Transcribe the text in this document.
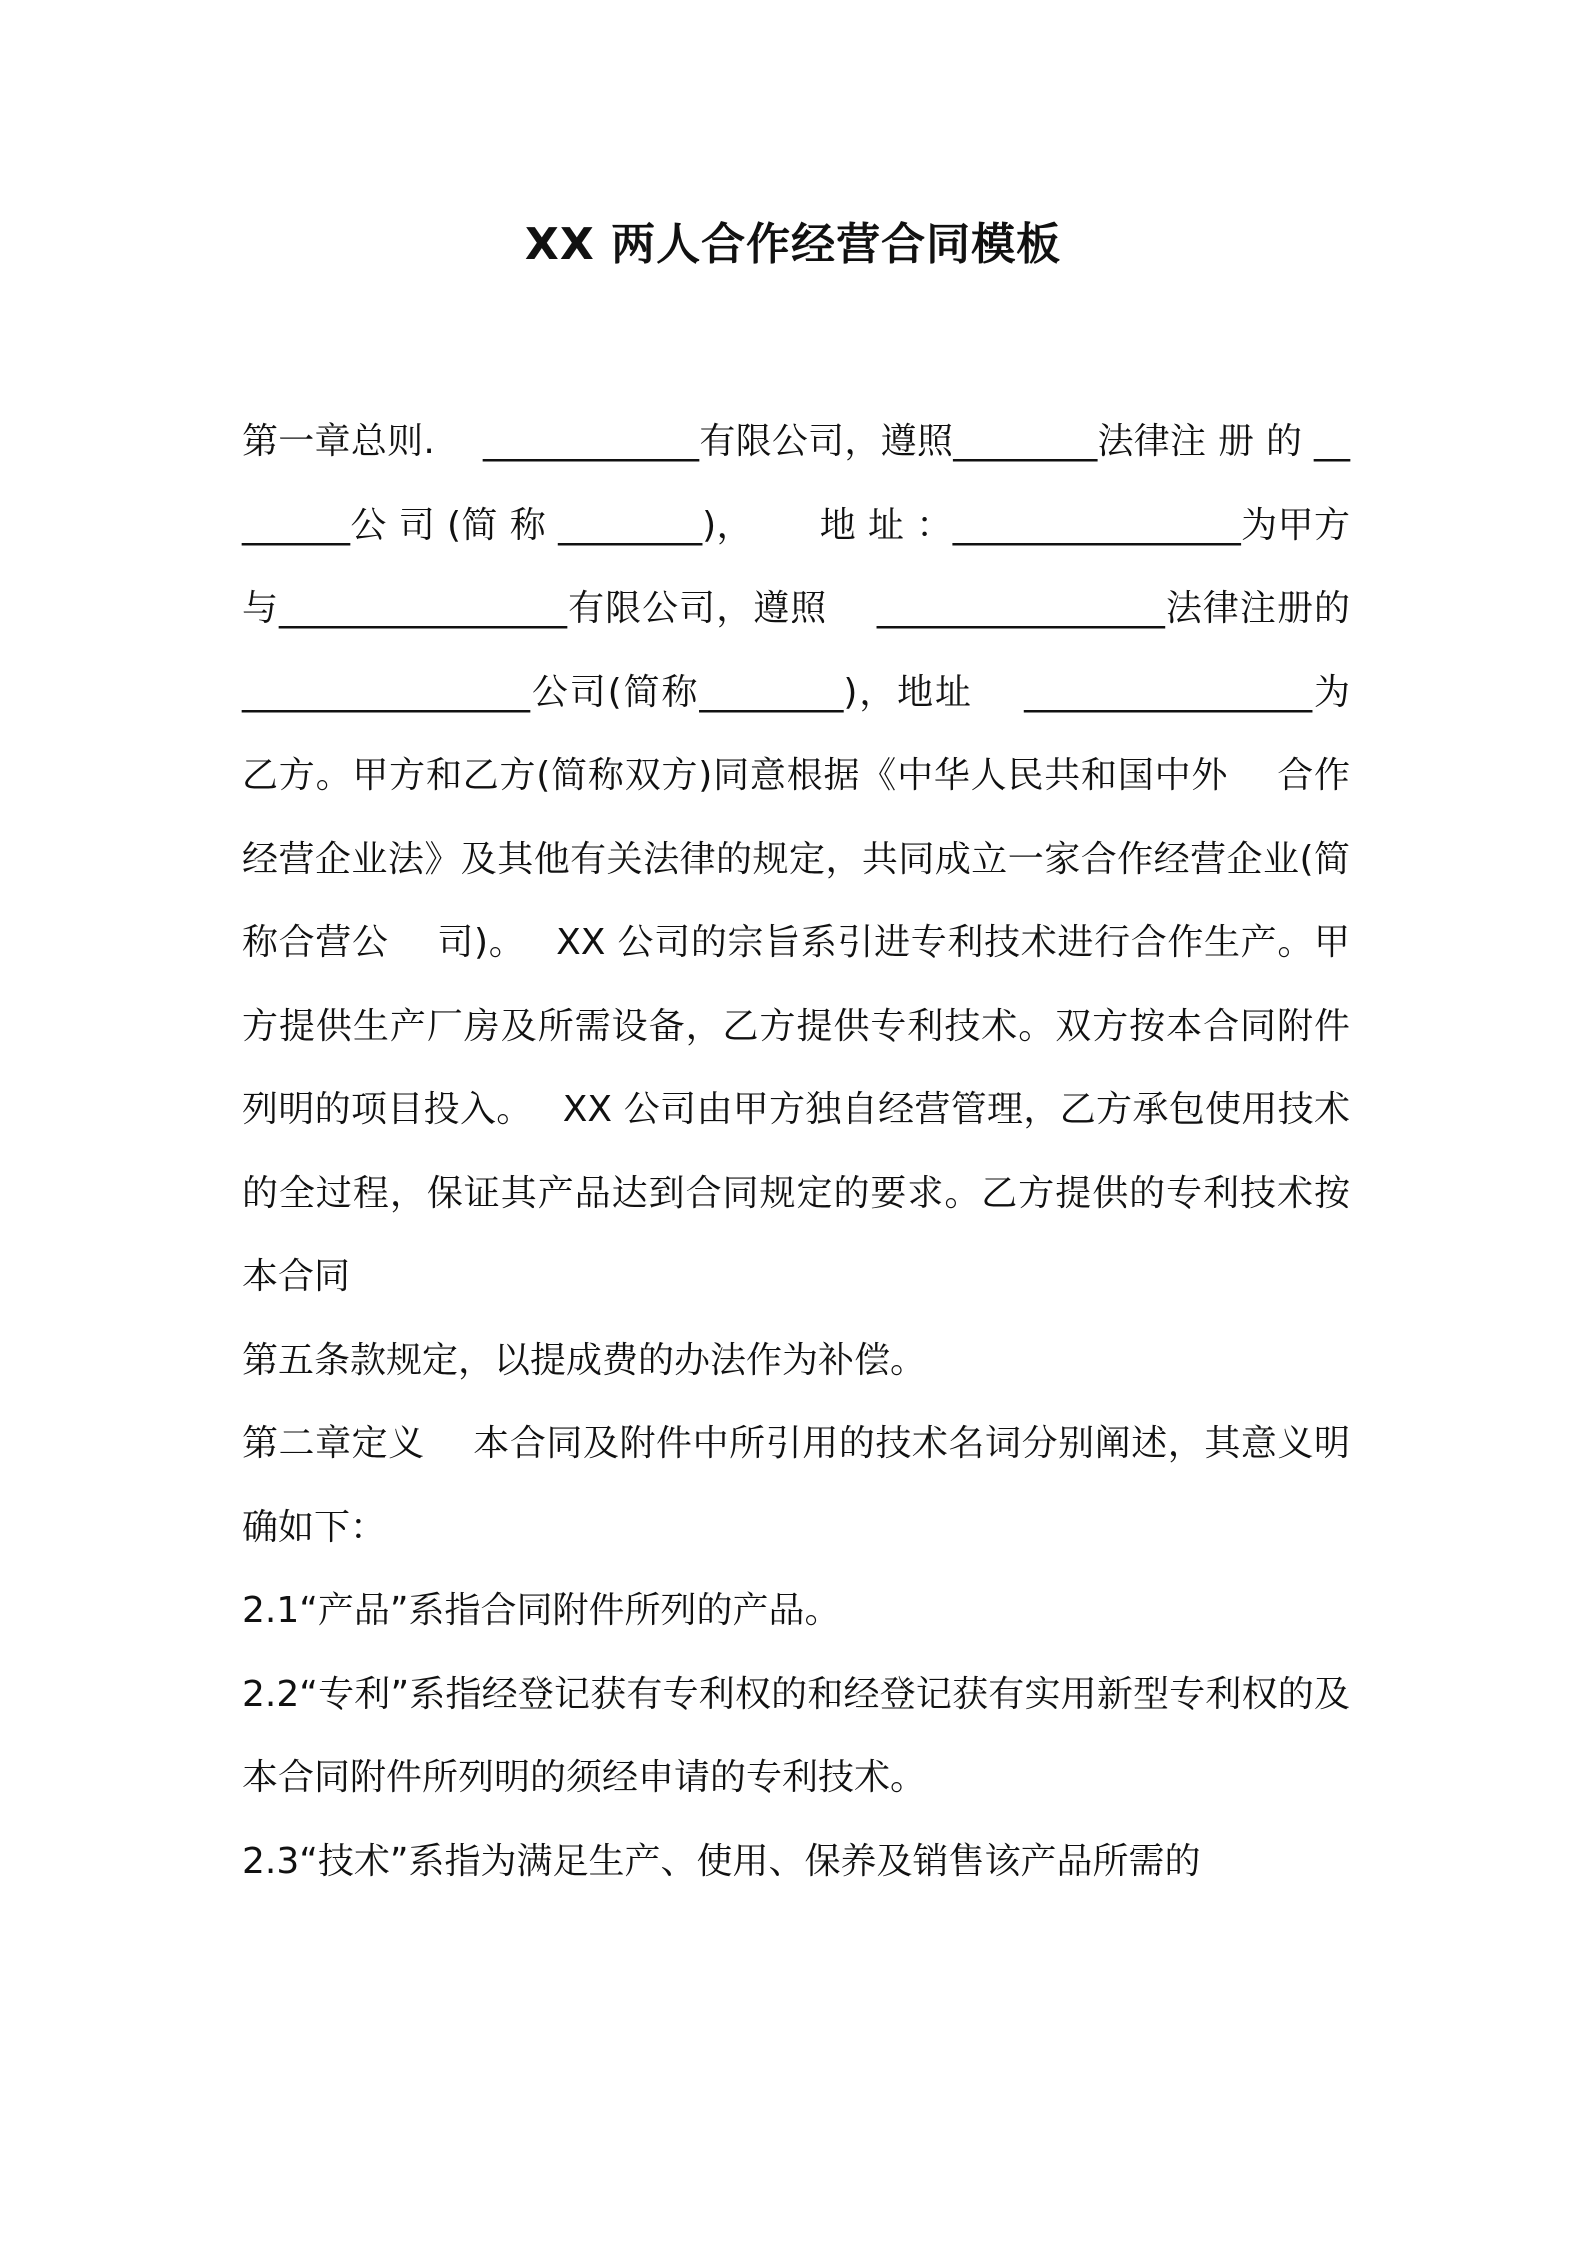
XX 两人合作经营合同模板

第一章总则.　 ____________有限公司，遵照________法律注 册 的 ________公 司 (简 称 ________)，　　 地 址 ：________________为甲方与________________有限公司，遵照　 ________________法律注册的________________公司(简称________)，地址　 ________________为乙方。甲方和乙方(简称双方)同意根据《中华人民共和国中外　 合作经营企业法》及其他有关法律的规定，共同成立一家合作经营企业(简称合营公　 司)。　 XX 公司的宗旨系引进专利技术进行合作生产。甲方提供生产厂房及所需设备，乙方提供专利技术。双方按本合同附件列明的项目投入。　 XX 公司由甲方独自经营管理，乙方承包使用技术的全过程，保证其产品达到合同规定的要求。乙方提供的专利技术按本合同

第五条款规定，以提成费的办法作为补偿。

第二章定义　 本合同及附件中所引用的技术名词分别阐述，其意义明确如下：

2.1“产品”系指合同附件所列的产品。

2.2“专利”系指经登记获有专利权的和经登记获有实用新型专利权的及本合同附件所列明的须经申请的专利技术。

2.3“技术”系指为满足生产、使用、保养及销售该产品所需的
